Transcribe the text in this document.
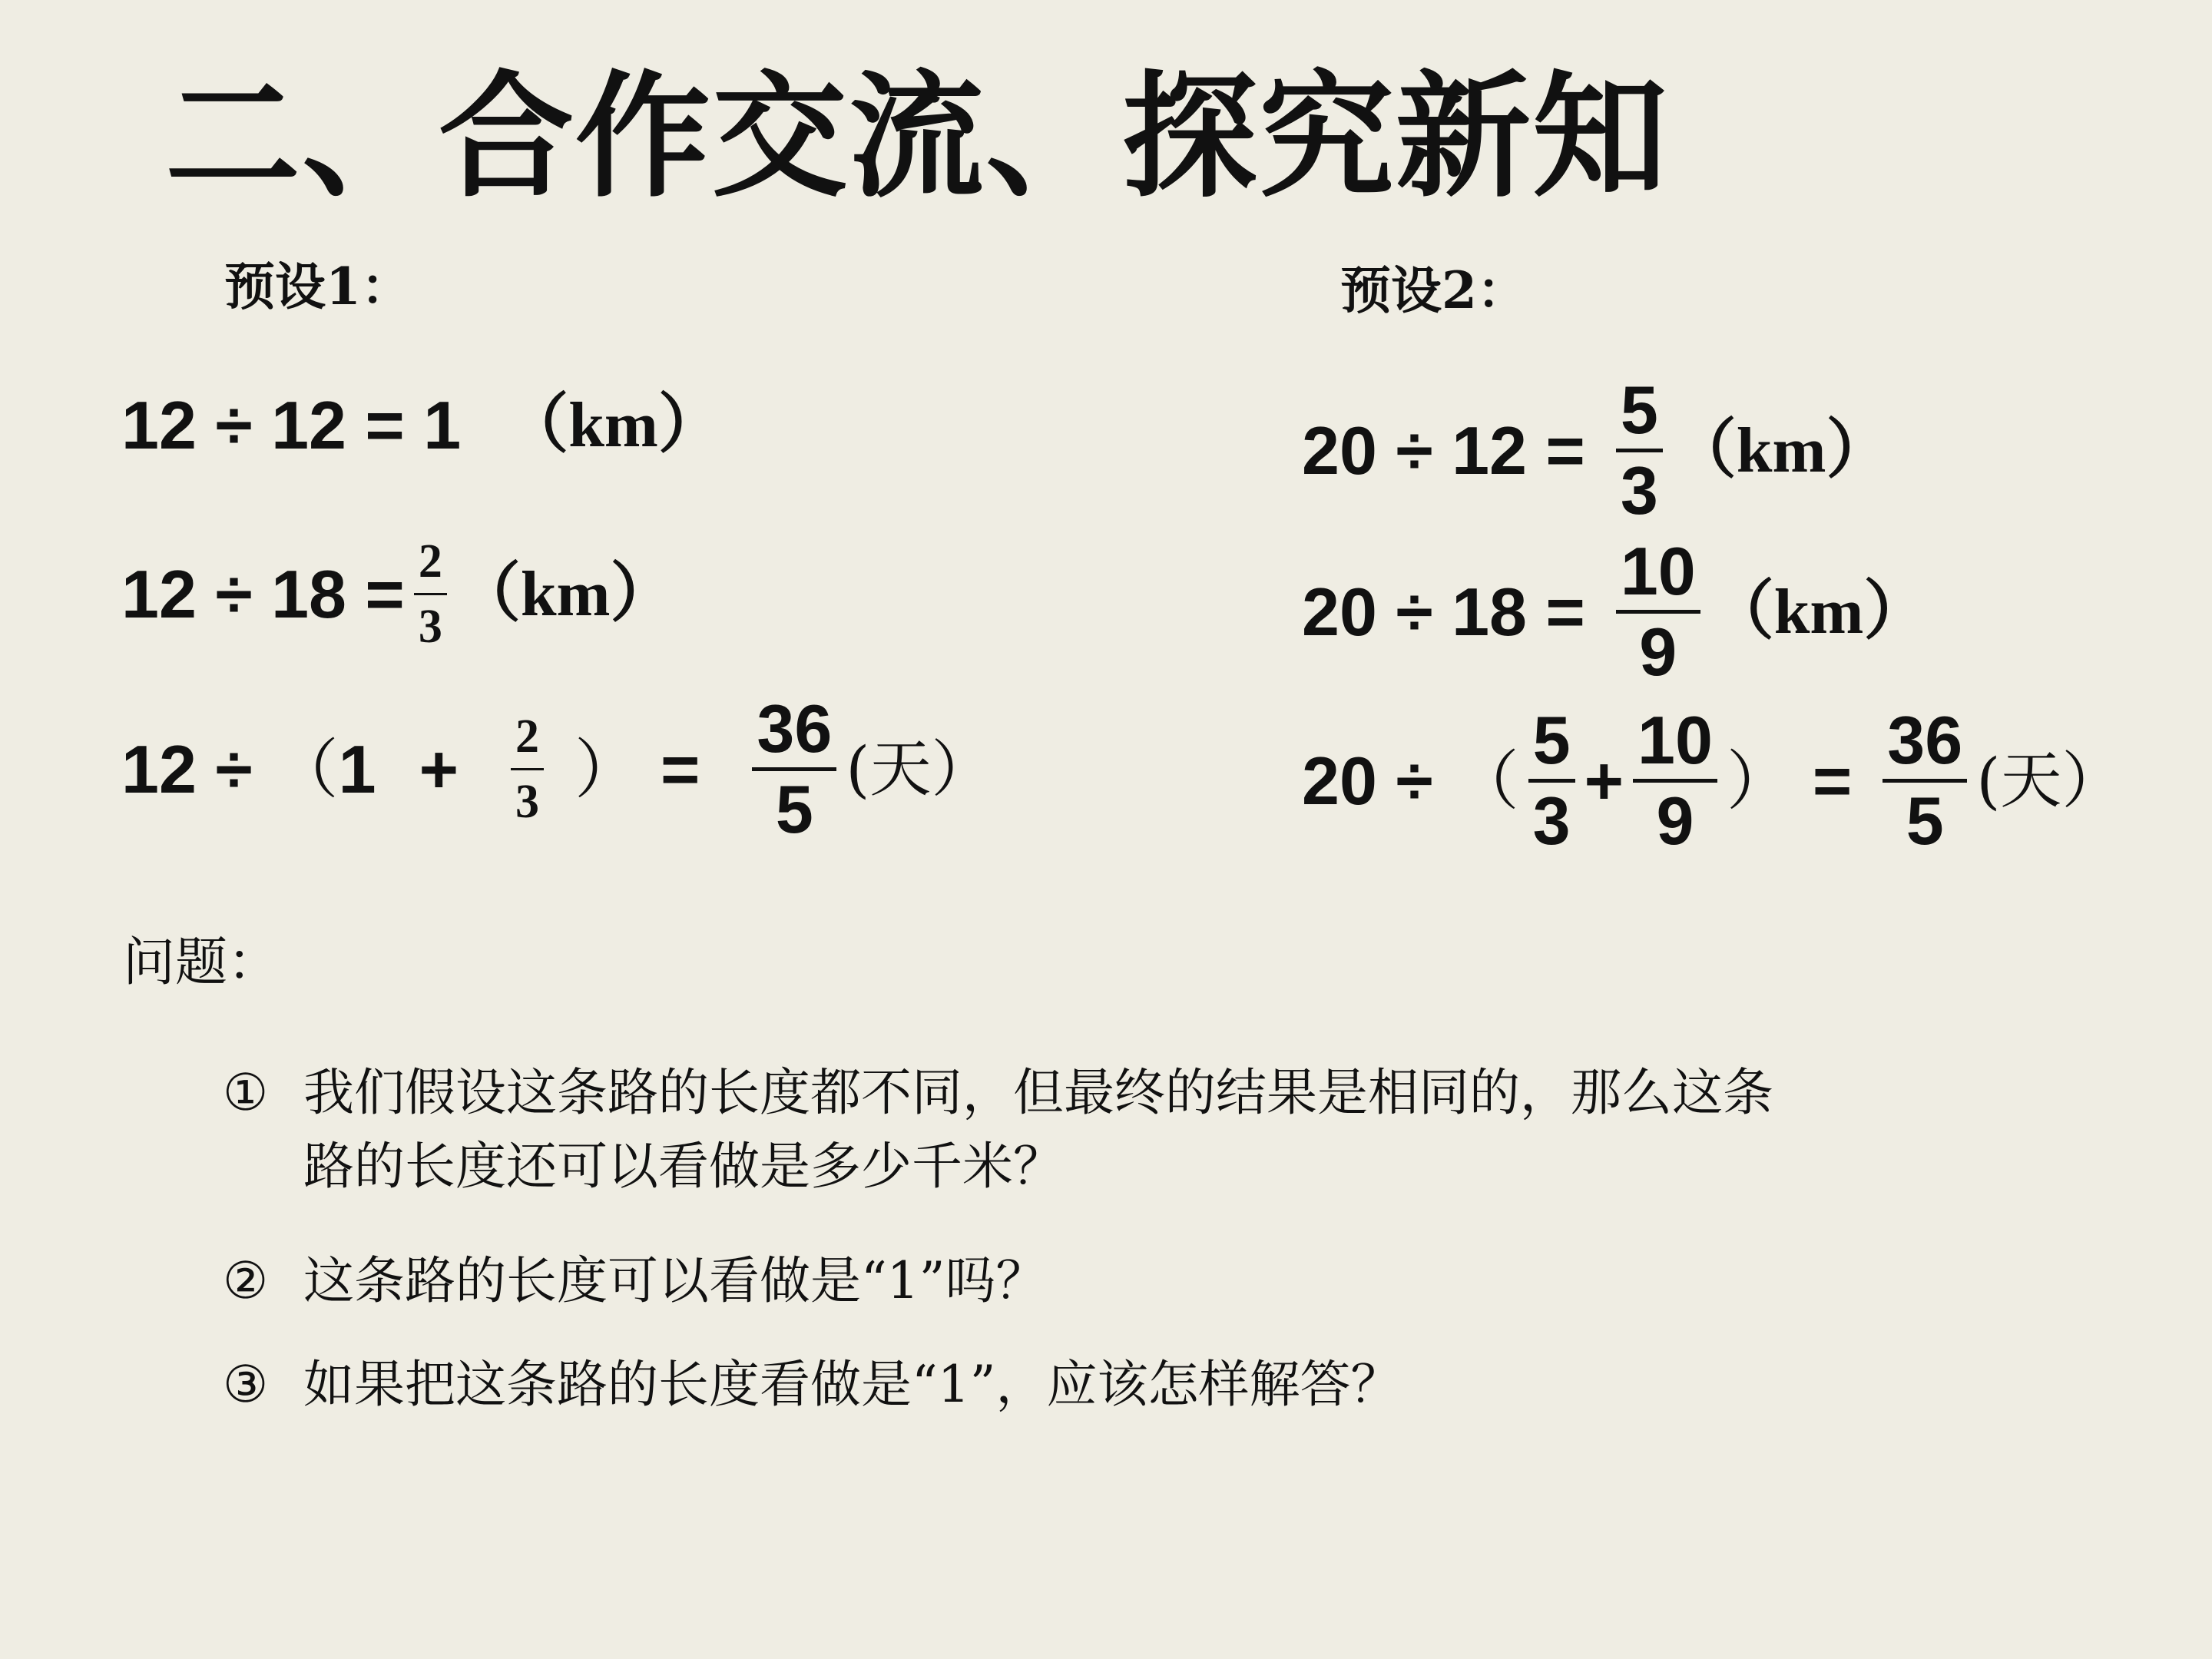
二、合作交流、探究新知
预设1：
12 ÷ 12 = 1 （km）
$12 \div 18 = \frac{2}{3} (km)$
12 ÷ （ $1 + \frac{2}{3}$ ） =
36
5
(天）
预设2：
20 ÷ 12 =
5
3
（km）
20 ÷ 18 =
10
9
（km）
20 ÷ （
5
3
+
10
9
） =
36
5
(天）
问题：
① 我们假设这条路的长度都不同，但最终的结果是相同的，那么这条
路的长度还可以看做是多少千米？
② 这条路的长度可以看做是“1”吗？
③ 如果把这条路的长度看做是“1”，应该怎样解答？
